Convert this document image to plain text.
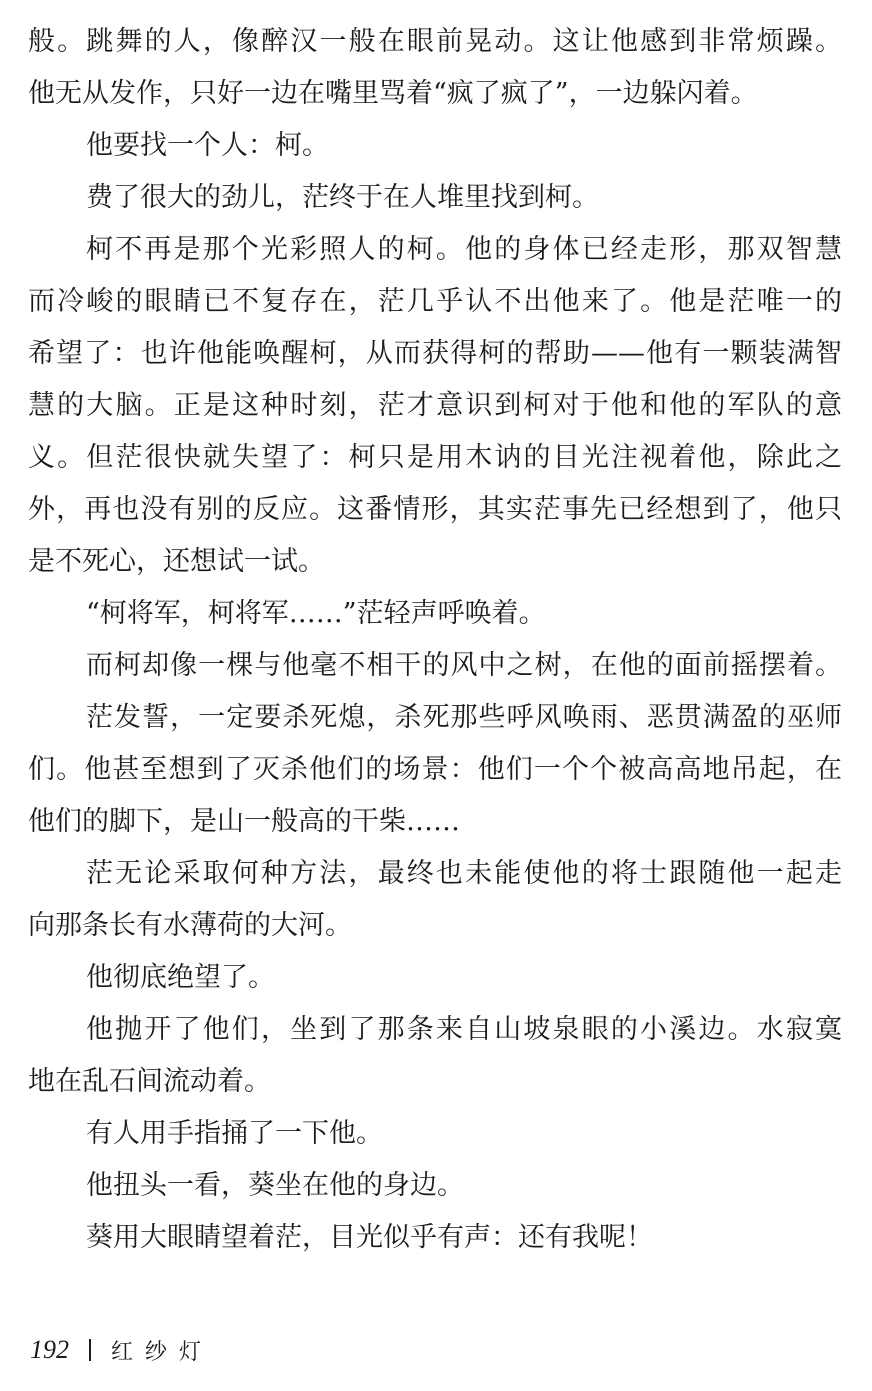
般。跳舞的人，像醉汉一般在眼前晃动。这让他感到非常烦躁。
他无从发作，只好一边在嘴里骂着“疯了疯了”，一边躲闪着。
他要找一个人：柯。
费了很大的劲儿，茫终于在人堆里找到柯。
柯不再是那个光彩照人的柯。他的身体已经走形，那双智慧
而冷峻的眼睛已不复存在，茫几乎认不出他来了。他是茫唯一的
希望了：也许他能唤醒柯，从而获得柯的帮助——他有一颗装满智
慧的大脑。正是这种时刻，茫才意识到柯对于他和他的军队的意
义。但茫很快就失望了：柯只是用木讷的目光注视着他，除此之
外，再也没有别的反应。这番情形，其实茫事先已经想到了，他只
是不死心，还想试一试。
“柯将军，柯将军……”茫轻声呼唤着。
而柯却像一棵与他毫不相干的风中之树，在他的面前摇摆着。
茫发誓，一定要杀死熄，杀死那些呼风唤雨、恶贯满盈的巫师
们。他甚至想到了灭杀他们的场景：他们一个个被高高地吊起，在
他们的脚下，是山一般高的干柴……
茫无论采取何种方法，最终也未能使他的将士跟随他一起走
向那条长有水薄荷的大河。
他彻底绝望了。
他抛开了他们，坐到了那条来自山坡泉眼的小溪边。水寂寞
地在乱石间流动着。
有人用手指捅了一下他。
他扭头一看，葵坐在他的身边。
葵用大眼睛望着茫，目光似乎有声：还有我呢！
192 红纱灯
